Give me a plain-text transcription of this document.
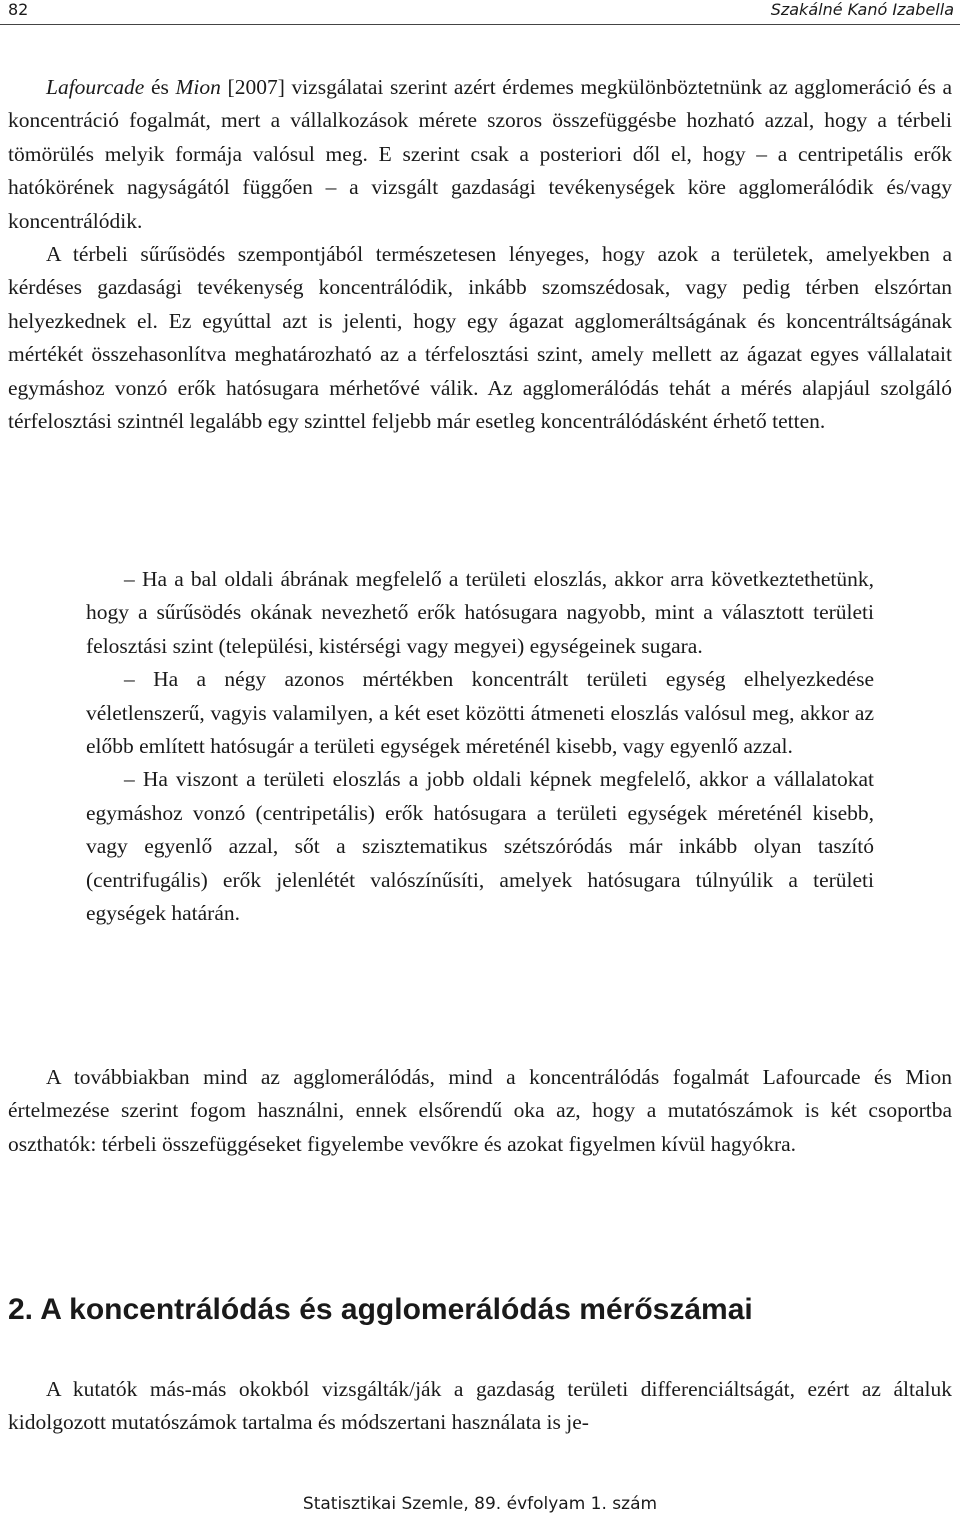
82	Szakálné Kanó Izabella

Lafourcade és Mion [2007] vizsgálatai szerint azért érdemes megkülönböztetnünk az agglomeráció és a koncentráció fogalmát, mert a vállalkozások mérete szoros összefüggésbe hozható azzal, hogy a térbeli tömörülés melyik formája valósul meg. E szerint csak a posteriori dől el, hogy – a centripetális erők hatókörének nagyságától függően – a vizsgált gazdasági tevékenységek köre agglomerálódik és/vagy koncentrálódik.

A térbeli sűrűsödés szempontjából természetesen lényeges, hogy azok a területek, amelyekben a kérdéses gazdasági tevékenység koncentrálódik, inkább szomszédosak, vagy pedig térben elszórtan helyezkednek el. Ez egyúttal azt is jelenti, hogy egy ágazat agglomeráltságának és koncentráltságának mértékét összehasonlítva meghatározható az a térfelosztási szint, amely mellett az ágazat egyes vállalatait egymáshoz vonzó erők hatósugara mérhetővé válik. Az agglomerálódás tehát a mérés alapjául szolgáló térfelosztási szintnél legalább egy szinttel feljebb már esetleg koncentrálódásként érhető tetten.

– Ha a bal oldali ábrának megfelelő a területi eloszlás, akkor arra következtethetünk, hogy a sűrűsödés okának nevezhető erők hatósugara nagyobb, mint a választott területi felosztási szint (települési, kistérségi vagy megyei) egységeinek sugara.

– Ha a négy azonos mértékben koncentrált területi egység elhelyezkedése véletlenszerű, vagyis valamilyen, a két eset közötti átmeneti eloszlás valósul meg, akkor az előbb említett hatósugár a területi egységek méreténél kisebb, vagy egyenlő azzal.

– Ha viszont a területi eloszlás a jobb oldali képnek megfelelő, akkor a vállalatokat egymáshoz vonzó (centripetális) erők hatósugara a területi egységek méreténél kisebb, vagy egyenlő azzal, sőt a szisztematikus szétszóródás már inkább olyan taszító (centrifugális) erők jelenlétét valószínűsíti, amelyek hatósugara túlnyúlik a területi egységek határán.

A továbbiakban mind az agglomerálódás, mind a koncentrálódás fogalmát Lafourcade és Mion értelmezése szerint fogom használni, ennek elsőrendű oka az, hogy a mutatószámok is két csoportba oszthatók: térbeli összefüggéseket figyelembe vevőkre és azokat figyelmen kívül hagyókra.

2. A koncentrálódás és agglomerálódás mérőszámai

A kutatók más-más okokból vizsgálták/ják a gazdaság területi differenciáltságát, ezért az általuk kidolgozott mutatószámok tartalma és módszertani használata is je-

Statisztikai Szemle, 89. évfolyam 1. szám
